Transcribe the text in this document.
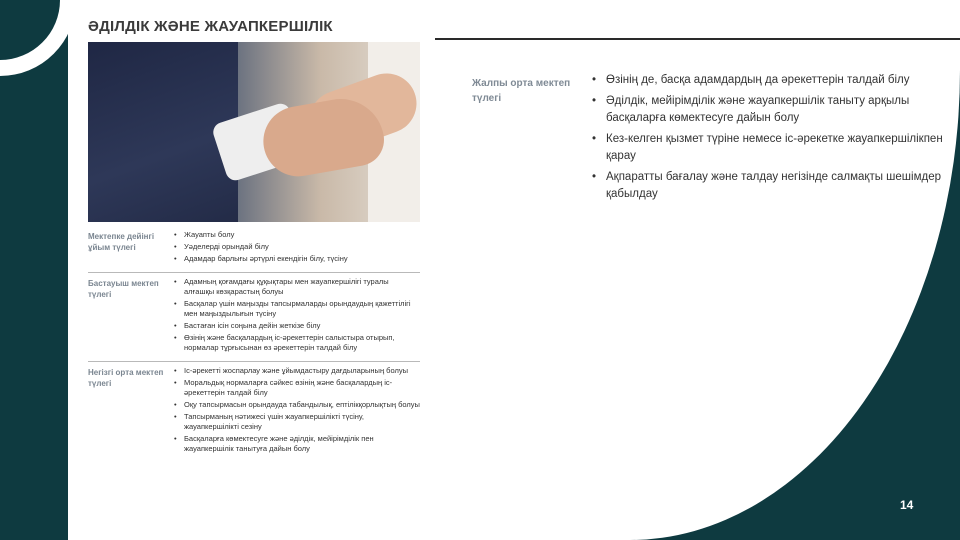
ӘДІЛДІК ЖӘНЕ ЖАУАПКЕРШІЛІК
Мектепке дейінгі ұйым түлегі
• Жауапты болу
• Уәделерді орындай білу
• Адамдар барлығы әртүрлі екендігін білу, түсіну
Бастауыш мектеп түлегі
• Адамның қоғамдағы құқықтары мен жауапкершілігі туралы алғашқы көзқарастың болуы
• Басқалар үшін маңызды тапсырмаларды орындаудың қажеттілігі мен маңыздылығын түсіну
• Бастаған ісін соңына дейін жеткізе білу
• Өзінің және басқалардың іс-әрекеттерін салыстыра отырып, нормалар тұрғысынан өз әрекеттерін талдай білу
Негізгі орта мектеп түлегі
• Іс-әрекетті жоспарлау және ұйымдастыру дағдыларының болуы
• Моральдық нормаларға сәйкес өзінің және басқалардың іс-әрекеттерін талдай білу
• Оқу тапсырмасын орындауда табандылық, ептілікқорлықтың болуы
• Тапсырманың нәтижесі үшін жауапкершілікті түсіну, жауапкершілікті сезіну
• Басқаларға көмектесуге және әділдік, мейірімділік пен жауапкершілік танытуға дайын болу
Жалпы орта мектеп түлегі
• Өзінің де, басқа адамдардың да әрекеттерін талдай білу
• Әділдік, мейірімділік және жауапкершілік таныту арқылы басқаларға көмектесуге дайын болу
• Кез-келген қызмет түріне немесе іс-әрекетке жауапкершілікпен қарау
• Ақпаратты бағалау және талдау негізінде салмақты шешімдер қабылдау
14
